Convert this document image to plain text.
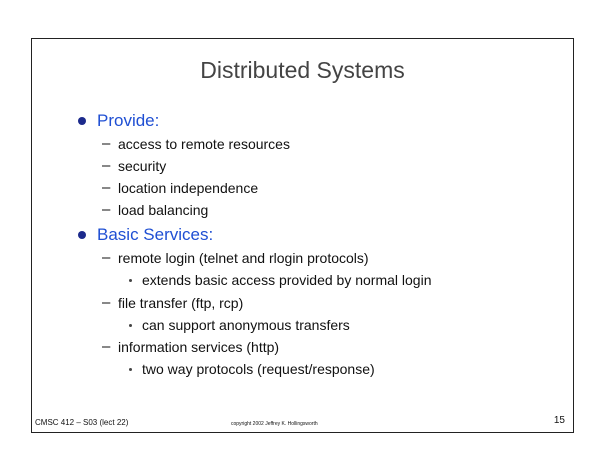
Distributed Systems
Provide:
– access to remote resources
– security
– location independence
– load balancing
Basic Services:
– remote login (telnet and rlogin protocols)
extends basic access provided by normal login
– file transfer (ftp, rcp)
can support anonymous transfers
– information services (http)
two way protocols (request/response)
CMSC 412 – S03 (lect 22)	copyright 2002 Jeffrey K. Hollingsworth	15
